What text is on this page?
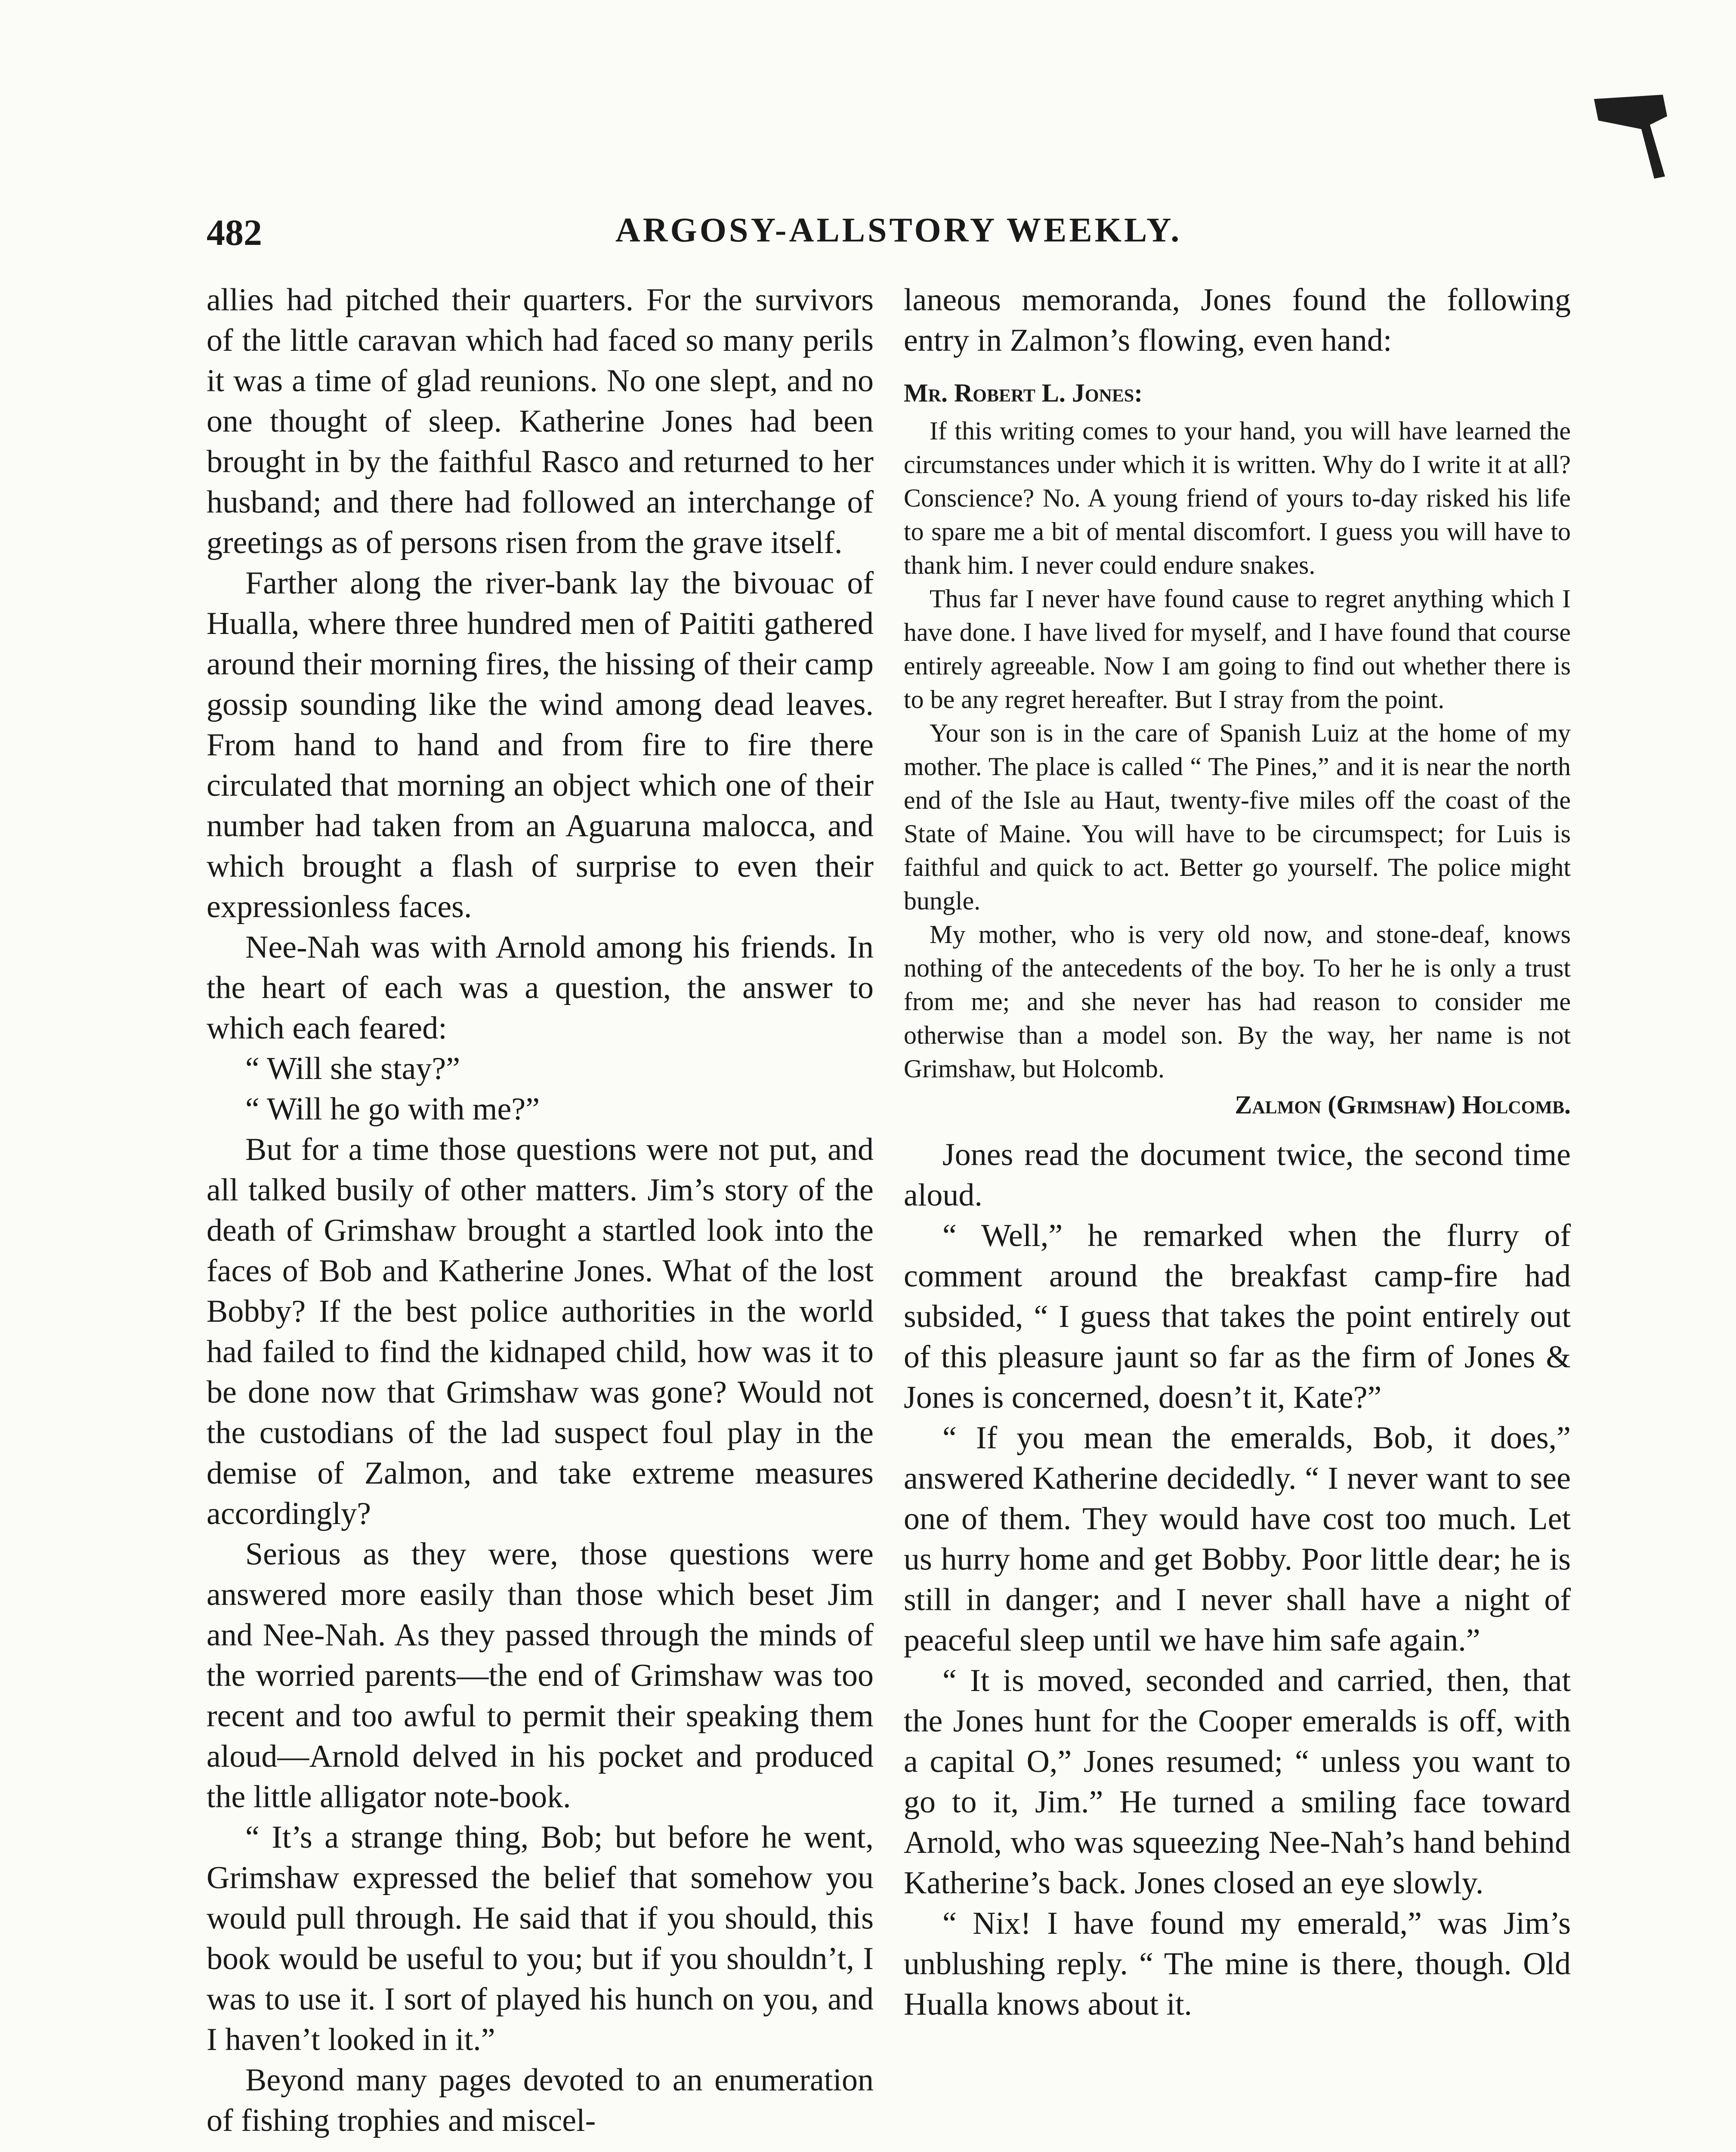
482	ARGOSY-ALLSTORY WEEKLY.

allies had pitched their quarters. For the survivors of the little caravan which had faced so many perils it was a time of glad reunions. No one slept, and no one thought of sleep. Katherine Jones had been brought in by the faithful Rasco and returned to her husband; and there had followed an interchange of greetings as of persons risen from the grave itself.

Farther along the river-bank lay the bivouac of Hualla, where three hundred men of Paititi gathered around their morning fires, the hissing of their camp gossip sounding like the wind among dead leaves. From hand to hand and from fire to fire there circulated that morning an object which one of their number had taken from an Aguaruna malocca, and which brought a flash of surprise to even their expressionless faces.

Nee-Nah was with Arnold among his friends. In the heart of each was a question, the answer to which each feared:

“ Will she stay?”

“ Will he go with me?”

But for a time those questions were not put, and all talked busily of other matters. Jim’s story of the death of Grimshaw brought a startled look into the faces of Bob and Katherine Jones. What of the lost Bobby? If the best police authorities in the world had failed to find the kidnaped child, how was it to be done now that Grimshaw was gone? Would not the custodians of the lad suspect foul play in the demise of Zalmon, and take extreme measures accordingly?

Serious as they were, those questions were answered more easily than those which beset Jim and Nee-Nah. As they passed through the minds of the worried parents—the end of Grimshaw was too recent and too awful to permit their speaking them aloud—Arnold delved in his pocket and produced the little alligator note-book.

“ It’s a strange thing, Bob; but before he went, Grimshaw expressed the belief that somehow you would pull through. He said that if you should, this book would be useful to you; but if you shouldn’t, I was to use it. I sort of played his hunch on you, and I haven’t looked in it.”

Beyond many pages devoted to an enumeration of fishing trophies and miscel-

laneous memoranda, Jones found the following entry in Zalmon’s flowing, even hand:

Mr. Robert L. Jones:

If this writing comes to your hand, you will have learned the circumstances under which it is written. Why do I write it at all? Conscience? No. A young friend of yours to-day risked his life to spare me a bit of mental discomfort. I guess you will have to thank him. I never could endure snakes.

Thus far I never have found cause to regret anything which I have done. I have lived for myself, and I have found that course entirely agreeable. Now I am going to find out whether there is to be any regret hereafter. But I stray from the point.

Your son is in the care of Spanish Luiz at the home of my mother. The place is called “ The Pines,” and it is near the north end of the Isle au Haut, twenty-five miles off the coast of the State of Maine. You will have to be circumspect; for Luis is faithful and quick to act. Better go yourself. The police might bungle.

My mother, who is very old now, and stone-deaf, knows nothing of the antecedents of the boy. To her he is only a trust from me; and she never has had reason to consider me otherwise than a model son. By the way, her name is not Grimshaw, but Holcomb.

Zalmon (Grimshaw) Holcomb.

Jones read the document twice, the second time aloud.

“ Well,” he remarked when the flurry of comment around the breakfast camp-fire had subsided, “ I guess that takes the point entirely out of this pleasure jaunt so far as the firm of Jones & Jones is concerned, doesn’t it, Kate?”

“ If you mean the emeralds, Bob, it does,” answered Katherine decidedly. “ I never want to see one of them. They would have cost too much. Let us hurry home and get Bobby. Poor little dear; he is still in danger; and I never shall have a night of peaceful sleep until we have him safe again.”

“ It is moved, seconded and carried, then, that the Jones hunt for the Cooper emeralds is off, with a capital O,” Jones resumed; “ unless you want to go to it, Jim.” He turned a smiling face toward Arnold, who was squeezing Nee-Nah’s hand behind Katherine’s back. Jones closed an eye slowly.

“ Nix! I have found my emerald,” was Jim’s unblushing reply. “ The mine is there, though. Old Hualla knows about it.
